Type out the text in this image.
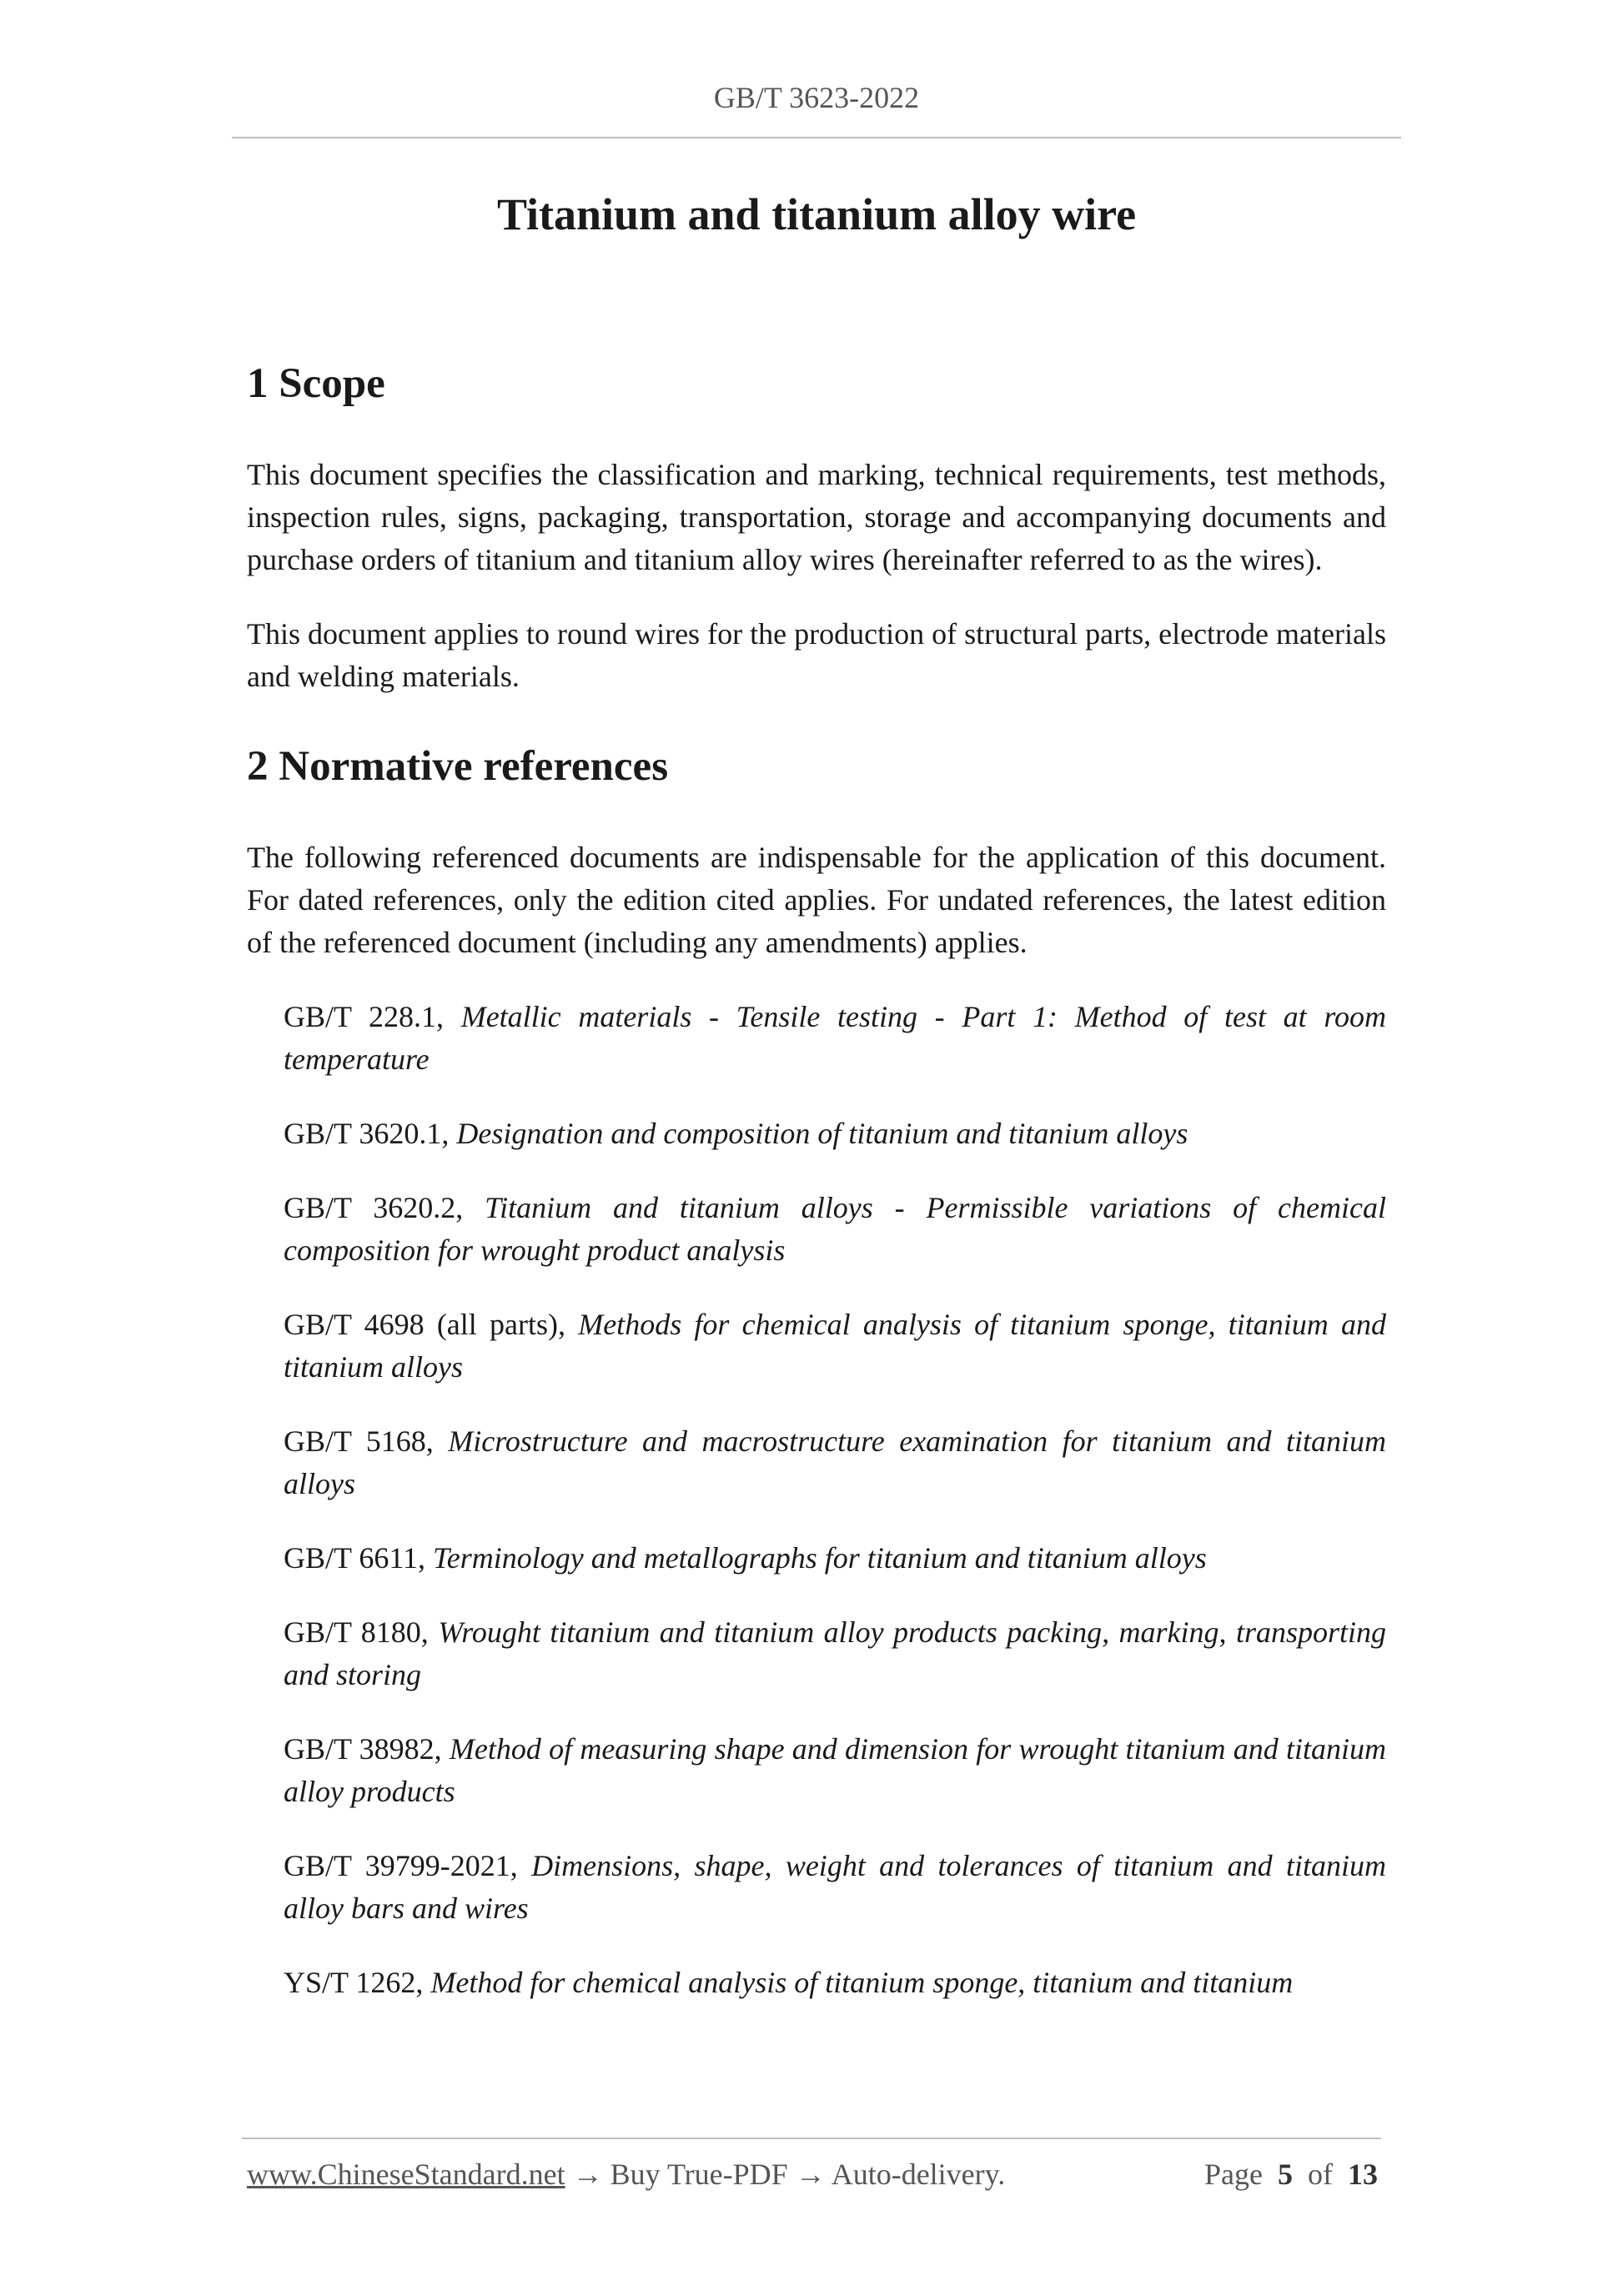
GB/T 3623-2022
Titanium and titanium alloy wire
1 Scope

This document specifies the classification and marking, technical requirements, test methods, inspection rules, signs, packaging, transportation, storage and accompanying documents and purchase orders of titanium and titanium alloy wires (hereinafter referred to as the wires).

This document applies to round wires for the production of structural parts, electrode materials and welding materials.

2 Normative references

The following referenced documents are indispensable for the application of this document. For dated references, only the edition cited applies. For undated references, the latest edition of the referenced document (including any amendments) applies.

GB/T 228.1, Metallic materials - Tensile testing - Part 1: Method of test at room temperature

GB/T 3620.1, Designation and composition of titanium and titanium alloys

GB/T 3620.2, Titanium and titanium alloys - Permissible variations of chemical composition for wrought product analysis

GB/T 4698 (all parts), Methods for chemical analysis of titanium sponge, titanium and titanium alloys

GB/T 5168, Microstructure and macrostructure examination for titanium and titanium alloys

GB/T 6611, Terminology and metallographs for titanium and titanium alloys

GB/T 8180, Wrought titanium and titanium alloy products packing, marking, transporting and storing

GB/T 38982, Method of measuring shape and dimension for wrought titanium and titanium alloy products

GB/T 39799-2021, Dimensions, shape, weight and tolerances of titanium and titanium alloy bars and wires

YS/T 1262, Method for chemical analysis of titanium sponge, titanium and titanium

www.ChineseStandard.net → Buy True-PDF → Auto-delivery.	Page 5 of 13
